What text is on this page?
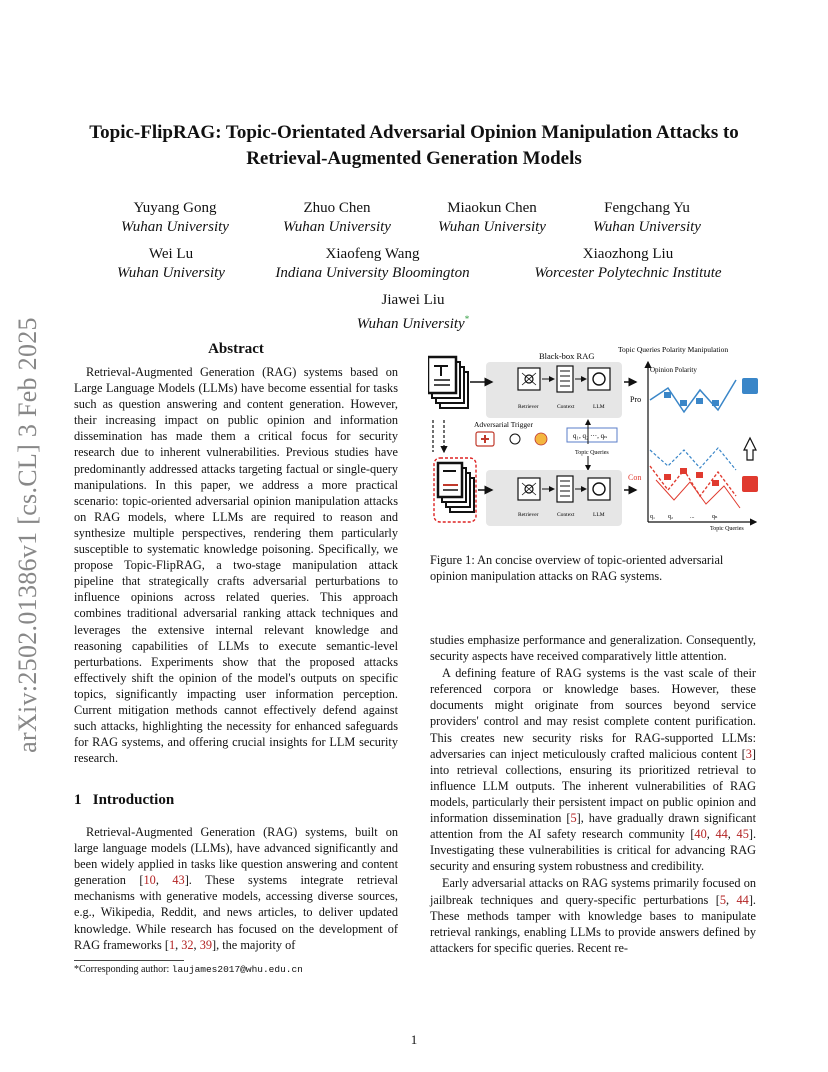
arXiv:2502.01386v1 [cs.CL] 3 Feb 2025
Topic-FlipRAG: Topic-Orientated Adversarial Opinion Manipulation Attacks to
Retrieval-Augmented Generation Models
Yuyang Gong
Wuhan University
Zhuo Chen
Wuhan University
Miaokun Chen
Wuhan University
Fengchang Yu
Wuhan University
Wei Lu
Wuhan University
Xiaofeng Wang
Indiana University Bloomington
Xiaozhong Liu
Worcester Polytechnic Institute
Jiawei Liu
Wuhan University*
Abstract

Retrieval-Augmented Generation (RAG) systems based on Large Language Models (LLMs) have become essential for tasks such as question answering and content generation. However, their increasing impact on public opinion and information dissemination has made them a critical focus for security research due to inherent vulnerabilities. Previous studies have predominantly addressed attacks targeting factual or single-query manipulations. In this paper, we address a more practical scenario: topic-oriented adversarial opinion manipulation attacks on RAG models, where LLMs are required to reason and synthesize multiple perspectives, rendering them particularly susceptible to systematic knowledge poisoning. Specifically, we propose Topic-FlipRAG, a two-stage manipulation attack pipeline that strategically crafts adversarial perturbations to influence opinions across related queries. This approach combines traditional adversarial ranking attack techniques and leverages the extensive internal relevant knowledge and reasoning capabilities of LLMs to execute semantic-level perturbations. Experiments show that the proposed attacks effectively shift the opinion of the model's outputs on specific topics, significantly impacting user information perception. Current mitigation methods cannot effectively defend against such attacks, highlighting the necessity for enhanced safeguards for RAG systems, and offering crucial insights for LLM security research.

1   Introduction

Retrieval-Augmented Generation (RAG) systems, built on large language models (LLMs), have advanced significantly and been widely applied in tasks like question answering and content generation [10, 43]. These systems integrate retrieval mechanisms with generative models, accessing diverse sources, e.g., Wikipedia, Reddit, and news articles, to deliver updated knowledge. While research has focused on the development of RAG frameworks [1, 32, 39], the majority of

*Corresponding author: laujames2017@whu.edu.cn
Black-box RAG
Retriever	Context	LLM
Adversarial Trigger
q₁, q₂ ···, qₙ
Topic Queries
Retriever	Context	LLM
Topic Queries Polarity Manipulation
Opinion Polarity
Pro
Con
q₁ q₂	...	qₙ
Topic Queries
Figure 1: An concise overview of topic-oriented adversarial opinion manipulation attacks on RAG systems.

studies emphasize performance and generalization. Consequently, security aspects have received comparatively little attention.

A defining feature of RAG systems is the vast scale of their referenced corpora or knowledge bases. However, these documents might originate from sources beyond service providers' control and may resist complete content purification. This creates new security risks for RAG-supported LLMs: adversaries can inject meticulously crafted malicious content [3] into retrieval collections, ensuring its prioritized retrieval to influence LLM outputs. The inherent vulnerabilities of RAG models, particularly their persistent impact on public opinion and information dissemination [5], have gradually drawn significant attention from the AI safety research community [40, 44, 45]. Investigating these vulnerabilities is critical for advancing RAG security and ensuring system robustness and credibility.

Early adversarial attacks on RAG systems primarily focused on jailbreak techniques and query-specific perturbations [5, 44]. These methods tamper with knowledge bases to manipulate retrieval rankings, enabling LLMs to provide answers defined by attackers for specific queries. Recent re-

1
